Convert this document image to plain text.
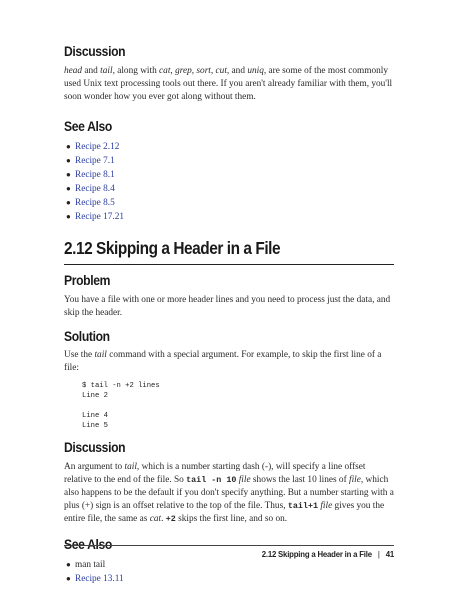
Discussion

head and tail, along with cat, grep, sort, cut, and uniq, are some of the most commonly used Unix text processing tools out there. If you aren't already familiar with them, you'll soon wonder how you ever got along without them.

See Also
● Recipe 2.12
● Recipe 7.1
● Recipe 8.1
● Recipe 8.4
● Recipe 8.5
● Recipe 17.21
2.12 Skipping a Header in a File
Problem

You have a file with one or more header lines and you need to process just the data, and skip the header.

Solution

Use the tail command with a special argument. For example, to skip the first line of a file:

$ tail -n +2 lines
Line 2

Line 4
Line 5
Discussion

An argument to tail, which is a number starting dash (-), will specify a line offset relative to the end of the file. So tail -n 10 file shows the last 10 lines of file, which also happens to be the default if you don't specify anything. But a number starting with a plus (+) sign is an offset relative to the top of the file. Thus, tail+1 file gives you the entire file, the same as cat. +2 skips the first line, and so on.

See Also
● man tail
● Recipe 13.11
2.12 Skipping a Header in a File | 41
